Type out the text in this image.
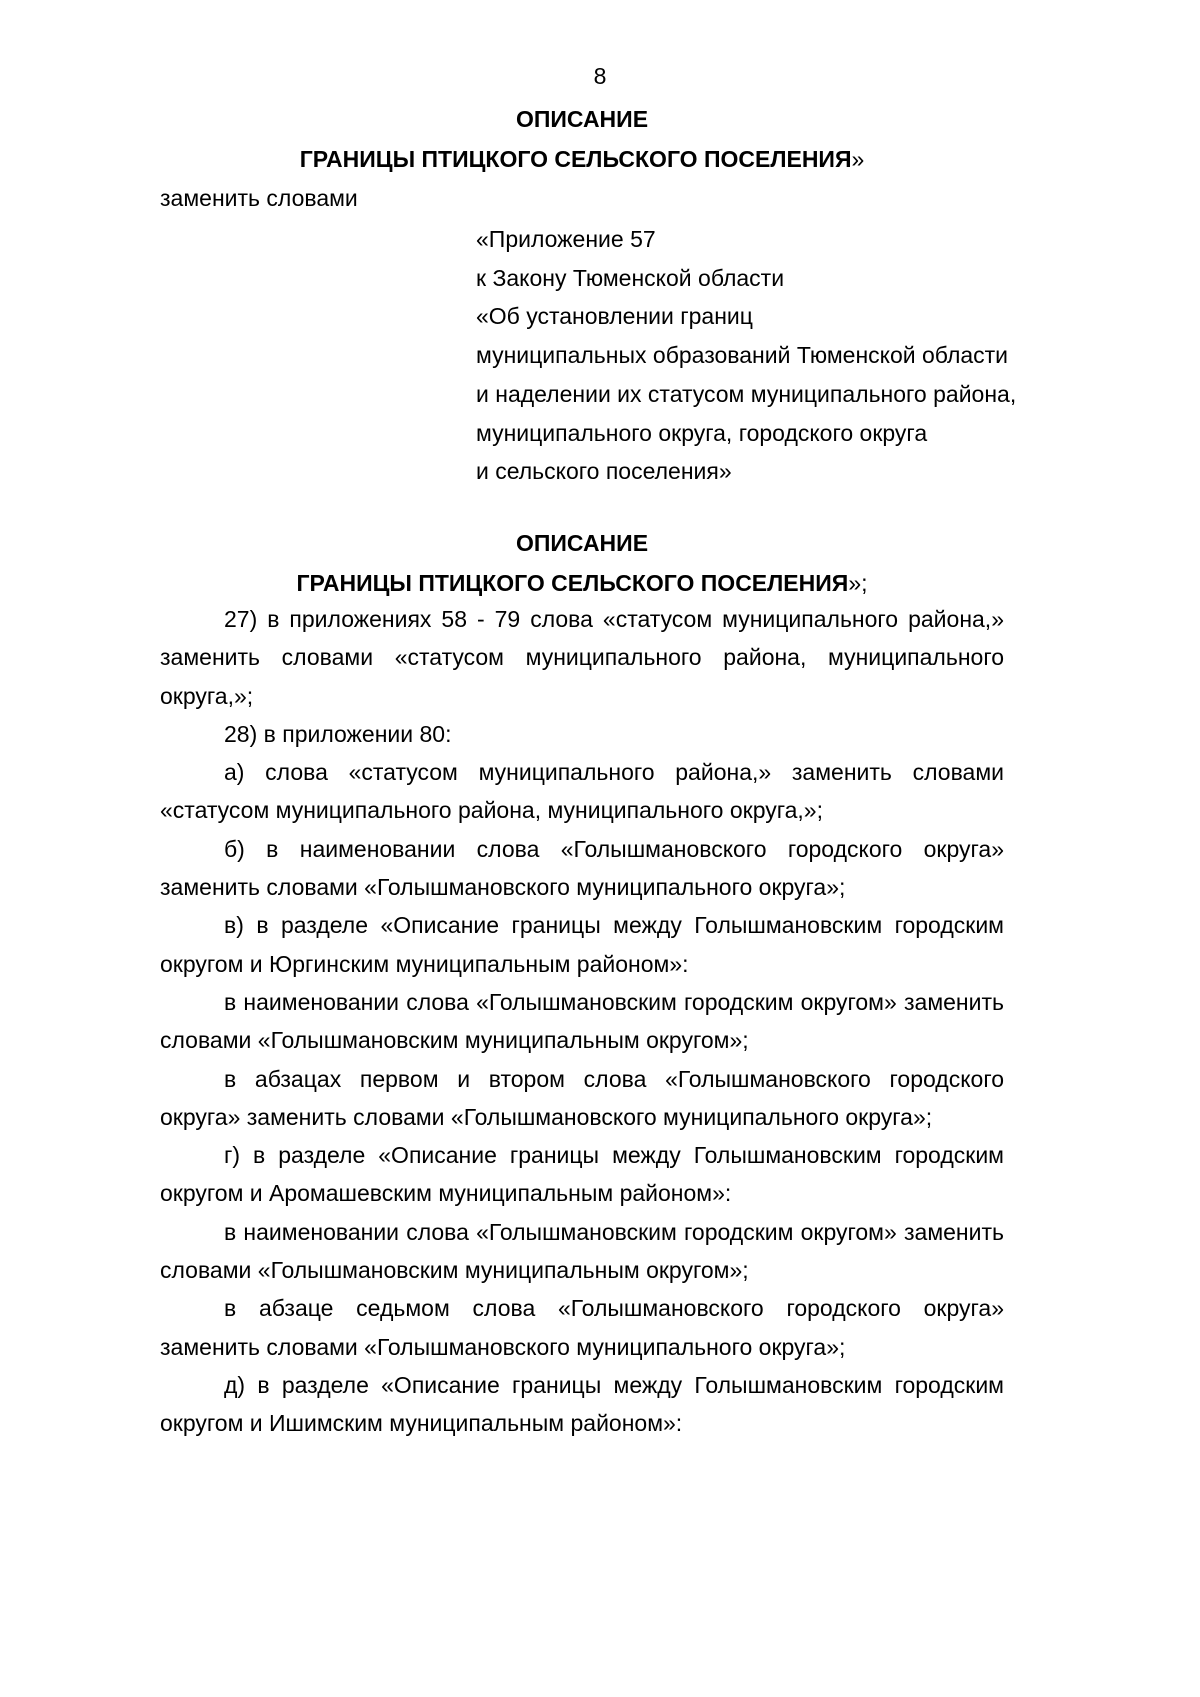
8

ОПИСАНИЕ
ГРАНИЦЫ ПТИЦКОГО СЕЛЬСКОГО ПОСЕЛЕНИЯ»

заменить словами

«Приложение 57
к Закону Тюменской области
«Об установлении границ
муниципальных образований Тюменской области
и наделении их статусом муниципального района,
муниципального округа, городского округа
и сельского поселения»
ОПИСАНИЕ
ГРАНИЦЫ ПТИЦКОГО СЕЛЬСКОГО ПОСЕЛЕНИЯ»;

27) в приложениях 58 - 79 слова «статусом муниципального района,» заменить словами «статусом муниципального района, муниципального округа,»;

28) в приложении 80:

а) слова «статусом муниципального района,» заменить словами «статусом муниципального района, муниципального округа,»;

б) в наименовании слова «Голышмановского городского округа» заменить словами «Голышмановского муниципального округа»;

в) в разделе «Описание границы между Голышмановским городским округом и Юргинским муниципальным районом»:

в наименовании слова «Голышмановским городским округом» заменить словами «Голышмановским муниципальным округом»;

в абзацах первом и втором слова «Голышмановского городского округа» заменить словами «Голышмановского муниципального округа»;

г) в разделе «Описание границы между Голышмановским городским округом и Аромашевским муниципальным районом»:

в наименовании слова «Голышмановским городским округом» заменить словами «Голышмановским муниципальным округом»;

в абзаце седьмом слова «Голышмановского городского округа» заменить словами «Голышмановского муниципального округа»;

д) в разделе «Описание границы между Голышмановским городским округом и Ишимским муниципальным районом»:
